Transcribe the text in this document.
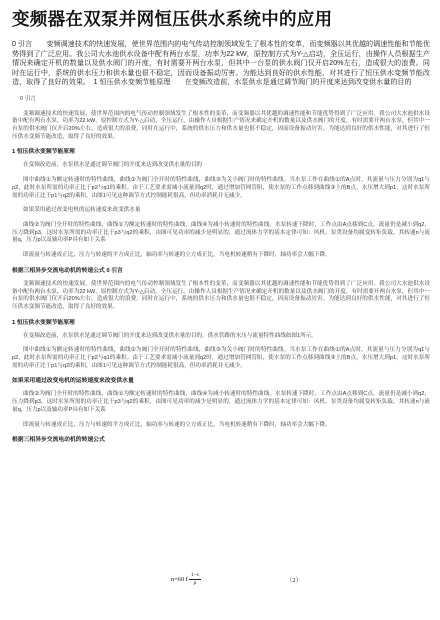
变频器在双泵并网恒压供水系统中的应用

0 引言　　变频调速技术的快速发展，使世界范围内的电气传动控制领域发生了根本性的变革，而变频器以其优越的调速性能和节能优势得到了广泛应用。我公司大水池供水设备中配有两台水泵，功率为22 kW，原控制方式为Y-△启动，全压运行，由操作人员根据生产情况来确定开机的数量以及供水阀门的开度，有时需要开两台水泵，但其中一台泵的供水阀门仅开启20%左右，造成很大的浪费。同时在运行中，系统的供水压力和供水量也很不稳定，因而设备振动厉害。为能达到良好的供水性能，对其进行了恒压供水变频节能改造，取得了良好的效果。　1 恒压供水变频节能原理　　在变频改造前，水泵供水是通过调节阀门的开度来达到改变供水量的目的

0 引言

变频调速技术的快速发展，使世界范围内的电气传动控制领域发生了根本性的变革，而变频器以其优越的调速性能和节能优势得到了广泛应用。我公司大水池供水设备中配有两台水泵，功率为22 kW，原控制方式为Y-△启动，全压运行，由操作人员根据生产情况来确定开机的数量以及供水阀门的开度，有时需要开两台水泵，但其中一台泵的供水阀门仅开启20%左右，造成很大的浪费。同时在运行中，系统的供水压力和供水量也很不稳定，因而设备振动厉害。为能达到良好的供水性能，对其进行了恒压供水变频节能改造，取得了良好的效果。

1 恒压供水变频节能原理

在变频改造前，水泵供水是通过调节阀门的开度来达到改变供水量的目的

图中曲线①为额定转速时的特性曲线，曲线②为阀门全开时的特性曲线，曲线③为关小阀门时的特性曲线。当水泵工作在曲线①的A点时，其流量与压力分别为q1与p2，此时水泵所需的功率正比于p2与q1的乘积。由于工艺要求需减小流量到q2时，通过增加管网管阻，使水泵的工作点移到曲线③上的B点，水压增大到p1，这时水泵所需的功率正比于p1与q2的乘积，由图1可见这种调节方式控制能耗很高，但功率消耗并无减少。

如果采用通过改变电机的运转速度来改变供水量

曲线②为阀门全开时的特性曲线，曲线①为额定转速时的特性曲线，曲线④为减小转速时的特性曲线。水泵转速下降时，工作点由A点移到C点，流量仍是减小到q2，压力降到p3，这时水泵所需的功率正比于p3与q2的乘积，由图可见功率的减少是明显的，通过流体力学的基本定律可知：风机、泵类设备均属变转矩负载，其转速n与流量q，压力p以及轴功率P具有如下关系

即流量与转速成正比，压力与转速的平方成正比，轴功率与转速的立方成正比。当电机转速稍有下降时，轴功率会大幅下降。

根据三相异步交流电动机的转速公式 0 引言

变频调速技术的快速发展，使世界范围内的电气传动控制领域发生了根本性的变革，而变频器以其优越的调速性能和节能优势得到了广泛应用。我公司大水池供水设备中配有两台水泵，功率为22 kW，原控制方式为Y-△启动，全压运行，由操作人员根据生产情况来确定开机的数量以及供水阀门的开度，有时需要开两台水泵，但其中一台泵的供水阀门仅开启20%左右，造成很大的浪费。同时在运行中，系统的供水压力和供水量也很不稳定，因而设备振动厉害。为能达到良好的供水性能，对其进行了恒压供水变频节能改造，取得了良好的效果。

1 恒压供水变频节能原理

在变频改造前，水泵供水是通过调节阀门的开度来达到改变供水量的目的，供水管路的水压与流量特性曲线如图1所示。

图中曲线①为额定转速时的特性曲线，曲线②为阀门全开时的特性曲线，曲线③为关小阀门时的特性曲线。当水泵工作在曲线①的A点时，其流量与压力分别为q1与p2，此时水泵所需的功率正比于p2与q1的乘积。由于工艺要求需减小流量到q2时，通过增加管网管阻，使水泵的工作点移到曲线③上的B点，水压增大到p1，这时水泵所需的功率正比于p1与q2的乘积，由图1可见这种调节方式控制能耗很高，但功率消耗并无减少。

如果采用通过改变电机的运转速度来改变供水量

曲线②为阀门全开时的特性曲线，曲线①为额定转速时的特性曲线，曲线④为减小转速时的特性曲线。水泵转速下降时，工作点由A点移到C点，流量仍是减小到q2，压力降到p3，这时水泵所需的功率正比于p3与q2的乘积，由图可见功率的减少是明显的，通过流体力学的基本定律可知：风机、泵类设备均属变转矩负载，其转速n与流量q，压力p以及轴功率P具有如下关系

即流量与转速成正比，压力与转速的平方成正比，轴功率与转速的立方成正比。当电机转速稍有下降时，轴功率会大幅下降。

根据三相异步交流电动机的转速公式
n=60 f $\frac{1-s}{p}$	（2）
